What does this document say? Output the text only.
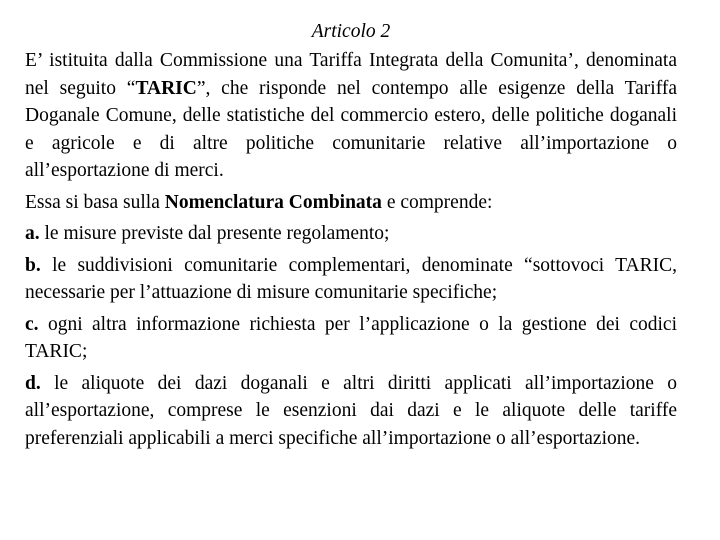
Articolo 2

E’ istituita dalla Commissione una Tariffa Integrata della Comunita’, denominata nel seguito “TARIC”, che risponde nel contempo alle esigenze della Tariffa Doganale Comune, delle statistiche del commercio estero, delle politiche doganali e agricole e di altre politiche comunitarie relative all’importazione o all’esportazione di merci.

Essa si basa sulla Nomenclatura Combinata e comprende:

a. le misure previste dal presente regolamento;

b. le suddivisioni comunitarie complementari, denominate “sottovoci TARIC, necessarie per l’attuazione di misure comunitarie specifiche;

c. ogni altra informazione richiesta per l’applicazione o la gestione dei codici TARIC;

d. le aliquote dei dazi doganali e altri diritti applicati all’importazione o all’esportazione, comprese le esenzioni dai dazi e le aliquote delle tariffe preferenziali applicabili a merci specifiche all’importazione o all’esportazione.
